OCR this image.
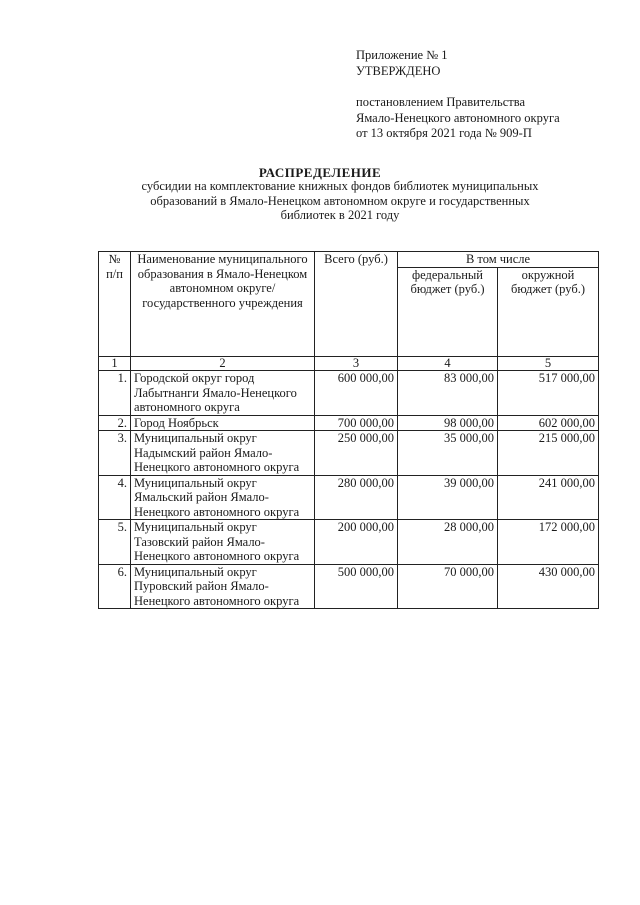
Приложение № 1
УТВЕРЖДЕНО
постановлением Правительства
Ямало-Ненецкого автономного округа
от 13 октября 2021 года № 909-П
РАСПРЕДЕЛЕНИЕ
субсидии на комплектование книжных фондов библиотек муниципальных
образований в Ямало-Ненецком автономном округе и государственных
библиотек в 2021 году
№ п/п	Наименование муниципального образования в Ямало-Ненецком автономном округе/ государственного учреждения	Всего (руб.)	В том числе	
			федеральный бюджет (руб.)	окружной бюджет (руб.)
1	2	3	4	5
1.	Городской округ город Лабытнанги Ямало-Ненецкого автономного округа	600 000,00	83 000,00	517 000,00
2.	Город Ноябрьск	700 000,00	98 000,00	602 000,00
3.	Муниципальный округ Надымский район Ямало-Ненецкого автономного округа	250 000,00	35 000,00	215 000,00
4.	Муниципальный округ Ямальский район Ямало-Ненецкого автономного округа	280 000,00	39 000,00	241 000,00
5.	Муниципальный округ Тазовский район Ямало-Ненецкого автономного округа	200 000,00	28 000,00	172 000,00
6.	Муниципальный округ Пуровский район Ямало-Ненецкого автономного округа	500 000,00	70 000,00	430 000,00
